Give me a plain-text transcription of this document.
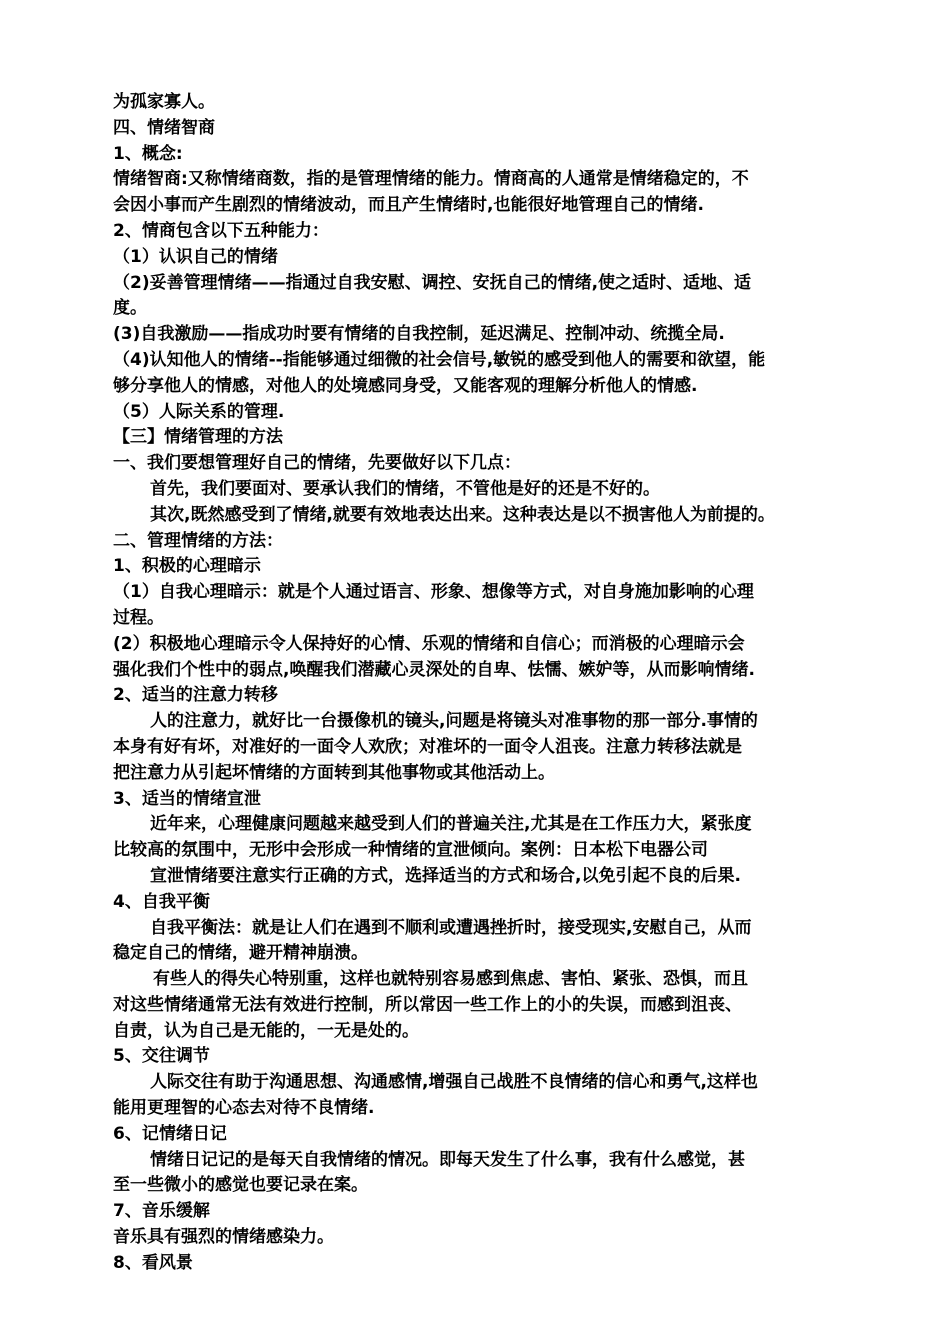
为孤家寡人。
四、情绪智商
1、概念:
情绪智商:又称情绪商数，指的是管理情绪的能力。情商高的人通常是情绪稳定的，不
会因小事而产生剧烈的情绪波动，而且产生情绪时,也能很好地管理自己的情绪.
2、情商包含以下五种能力：
（1）认识自己的情绪
（2)妥善管理情绪——指通过自我安慰、调控、安抚自己的情绪,使之适时、适地、适
度。
(3)自我激励——指成功时要有情绪的自我控制，延迟满足、控制冲动、统揽全局.
（4)认知他人的情绪--指能够通过细微的社会信号,敏锐的感受到他人的需要和欲望，能
够分享他人的情感，对他人的处境感同身受，又能客观的理解分析他人的情感.
（5）人际关系的管理.
【三】情绪管理的方法
一、我们要想管理好自己的情绪，先要做好以下几点：
首先，我们要面对、要承认我们的情绪，不管他是好的还是不好的。
其次,既然感受到了情绪,就要有效地表达出来。这种表达是以不损害他人为前提的。
二、管理情绪的方法：
1、积极的心理暗示
（1）自我心理暗示：就是个人通过语言、形象、想像等方式，对自身施加影响的心理
过程。
(2）积极地心理暗示令人保持好的心情、乐观的情绪和自信心；而消极的心理暗示会
强化我们个性中的弱点,唤醒我们潜藏心灵深处的自卑、怯懦、嫉妒等，从而影响情绪.
2、适当的注意力转移
人的注意力，就好比一台摄像机的镜头,问题是将镜头对准事物的那一部分.事情的
本身有好有坏，对准好的一面令人欢欣；对准坏的一面令人沮丧。注意力转移法就是
把注意力从引起坏情绪的方面转到其他事物或其他活动上。
3、适当的情绪宣泄
近年来，心理健康问题越来越受到人们的普遍关注,尤其是在工作压力大，紧张度
比较高的氛围中，无形中会形成一种情绪的宣泄倾向。案例：日本松下电器公司
宣泄情绪要注意实行正确的方式，选择适当的方式和场合,以免引起不良的后果.
4、自我平衡
自我平衡法：就是让人们在遇到不顺利或遭遇挫折时，接受现实,安慰自己，从而
稳定自己的情绪，避开精神崩溃。
有些人的得失心特别重，这样也就特别容易感到焦虑、害怕、紧张、恐惧，而且
对这些情绪通常无法有效进行控制，所以常因一些工作上的小的失误，而感到沮丧、
自责，认为自己是无能的，一无是处的。
5、交往调节
人际交往有助于沟通思想、沟通感情,增强自己战胜不良情绪的信心和勇气,这样也
能用更理智的心态去对待不良情绪.
6、记情绪日记
情绪日记记的是每天自我情绪的情况。即每天发生了什么事，我有什么感觉，甚
至一些微小的感觉也要记录在案。
7、音乐缓解
音乐具有强烈的情绪感染力。
8、看风景
